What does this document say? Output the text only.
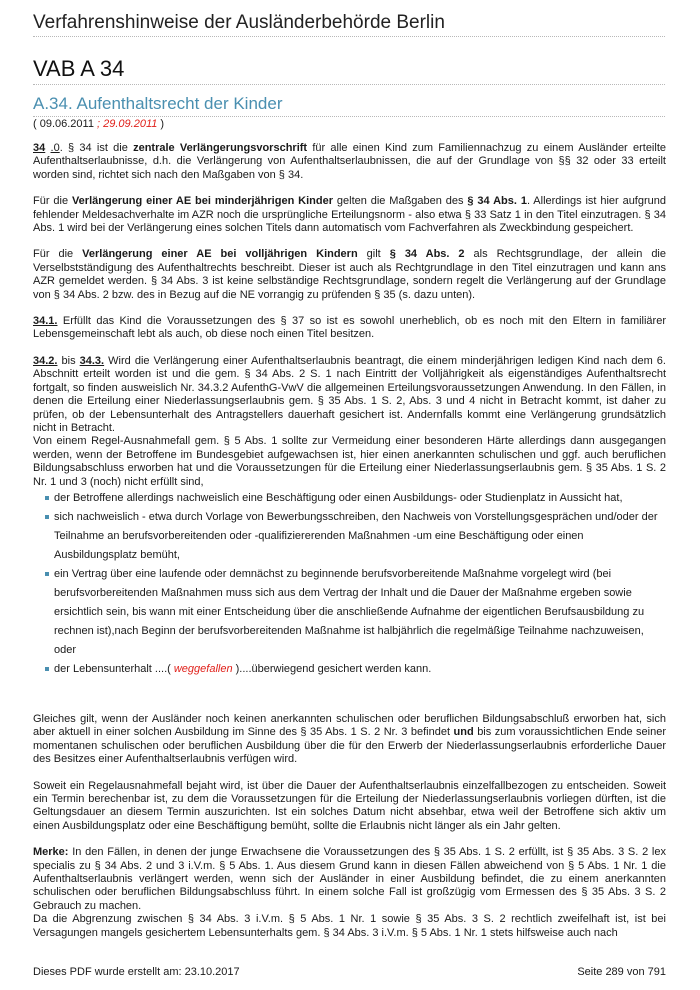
Verfahrenshinweise der Ausländerbehörde Berlin
VAB A 34
A.34. Aufenthaltsrecht der Kinder
( 09.06.2011 ; 29.09.2011 )

34 .0. § 34 ist die zentrale Verlängerungsvorschrift für alle einen Kind zum Familiennachzug zu einem Ausländer erteilte Aufenthaltserlaubnisse, d.h. die Verlängerung von Aufenthaltserlaubnissen, die auf der Grundlage von §§ 32 oder 33 erteilt worden sind, richtet sich nach den Maßgaben von § 34.

Für die Verlängerung einer AE bei minderjährigen Kinder gelten die Maßgaben des § 34 Abs. 1. Allerdings ist hier aufgrund fehlender Meldesachverhalte im AZR noch die ursprüngliche Erteilungsnorm - also etwa § 33 Satz 1 in den Titel einzutragen. § 34 Abs. 1 wird bei der Verlängerung eines solchen Titels dann automatisch vom Fachverfahren als Zweckbindung gespeichert.

Für die Verlängerung einer AE bei volljährigen Kindern gilt § 34 Abs. 2 als Rechtsgrundlage, der allein die Verselbstständigung des Aufenthaltrechts beschreibt. Dieser ist auch als Rechtgrundlage in den Titel einzutragen und kann ans AZR gemeldet werden. § 34 Abs. 3 ist keine selbständige Rechtsgrundlage, sondern regelt die Verlängerung auf der Grundlage von § 34 Abs. 2 bzw. des in Bezug auf die NE vorrangig zu prüfenden § 35 (s. dazu unten).

34.1. Erfüllt das Kind die Voraussetzungen des § 37 so ist es sowohl unerheblich, ob es noch mit den Eltern in familiärer Lebensgemeinschaft lebt als auch, ob diese noch einen Titel besitzen.

34.2. bis 34.3. Wird die Verlängerung einer Aufenthaltserlaubnis beantragt, die einem minderjährigen ledigen Kind nach dem 6. Abschnitt erteilt worden ist und die gem. § 34 Abs. 2 S. 1 nach Eintritt der Volljährigkeit als eigenständiges Aufenthaltsrecht fortgalt, so finden ausweislich Nr. 34.3.2 AufenthG-VwV die allgemeinen Erteilungsvoraussetzungen Anwendung. In den Fällen, in denen die Erteilung einer Niederlassungserlaubnis gem. § 35 Abs. 1 S. 2, Abs. 3 und 4 nicht in Betracht kommt, ist daher zu prüfen, ob der Lebensunterhalt des Antragstellers dauerhaft gesichert ist. Andernfalls kommt eine Verlängerung grundsätzlich nicht in Betracht.

Von einem Regel-Ausnahmefall gem. § 5 Abs. 1 sollte zur Vermeidung einer besonderen Härte allerdings dann ausgegangen werden, wenn der Betroffene im Bundesgebiet aufgewachsen ist, hier einen anerkannten schulischen und ggf. auch beruflichen Bildungsabschluss erworben hat und die Voraussetzungen für die Erteilung einer Niederlassungserlaubnis gem. § 35 Abs. 1 S. 2 Nr. 1 und 3 (noch) nicht erfüllt sind,

der Betroffene allerdings nachweislich eine Beschäftigung oder einen Ausbildungs- oder Studienplatz in Aussicht hat,
sich nachweislich - etwa durch Vorlage von Bewerbungsschreiben, den Nachweis von Vorstellungsgesprächen und/oder der Teilnahme an berufsvorbereitenden oder -qualifiziererenden Maßnahmen -um eine Beschäftigung oder einen Ausbildungsplatz bemüht,
ein Vertrag über eine laufende oder demnächst zu beginnende berufsvorbereitende Maßnahme vorgelegt wird (bei berufsvorbereitenden Maßnahmen muss sich aus dem Vertrag der Inhalt und die Dauer der Maßnahme ergeben sowie ersichtlich sein, bis wann mit einer Entscheidung über die anschließende Aufnahme der eigentlichen Berufsausbildung zu rechnen ist),nach Beginn der berufsvorbereitenden Maßnahme ist halbjährlich die regelmäßige Teilnahme nachzuweisen, oder
der Lebensunterhalt ....( weggefallen )....überwiegend gesichert werden kann.

Gleiches gilt, wenn der Ausländer noch keinen anerkannten schulischen oder beruflichen Bildungsabschluß erworben hat, sich aber aktuell in einer solchen Ausbildung im Sinne des § 35 Abs. 1 S. 2 Nr. 3 befindet und bis zum voraussichtlichen Ende seiner momentanen schulischen oder beruflichen Ausbildung über die für den Erwerb der Niederlassungserlaubnis erforderliche Dauer des Besitzes einer Aufenthaltserlaubnis verfügen wird.

Soweit ein Regelausnahmefall bejaht wird, ist über die Dauer der Aufenthaltserlaubnis einzelfallbezogen zu entscheiden. Soweit ein Termin berechenbar ist, zu dem die Voraussetzungen für die Erteilung der Niederlassungserlaubnis vorliegen dürften, ist die Geltungsdauer an diesem Termin auszurichten. Ist ein solches Datum nicht absehbar, etwa weil der Betroffene sich aktiv um einen Ausbildungsplatz oder eine Beschäftigung bemüht, sollte die Erlaubnis nicht länger als ein Jahr gelten.

Merke: In den Fällen, in denen der junge Erwachsene die Voraussetzungen des § 35 Abs. 1 S. 2 erfüllt, ist § 35 Abs. 3 S. 2 lex specialis zu § 34 Abs. 2 und 3 i.V.m. § 5 Abs. 1. Aus diesem Grund kann in diesen Fällen abweichend von § 5 Abs. 1 Nr. 1 die Aufenthaltserlaubnis verlängert werden, wenn sich der Ausländer in einer Ausbildung befindet, die zu einem anerkannten schulischen oder beruflichen Bildungsabschluss führt. In einem solche Fall ist großzügig vom Ermessen des § 35 Abs. 3 S. 2 Gebrauch zu machen.

Da die Abgrenzung zwischen § 34 Abs. 3 i.V.m. § 5 Abs. 1 Nr. 1 sowie § 35 Abs. 3 S. 2 rechtlich zweifelhaft ist, ist bei Versagungen mangels gesichertem Lebensunterhalts gem. § 34 Abs. 3 i.V.m. § 5 Abs. 1 Nr. 1 stets hilfsweise auch nach

Dieses PDF wurde erstellt am: 23.10.2017	Seite 289 von 791
